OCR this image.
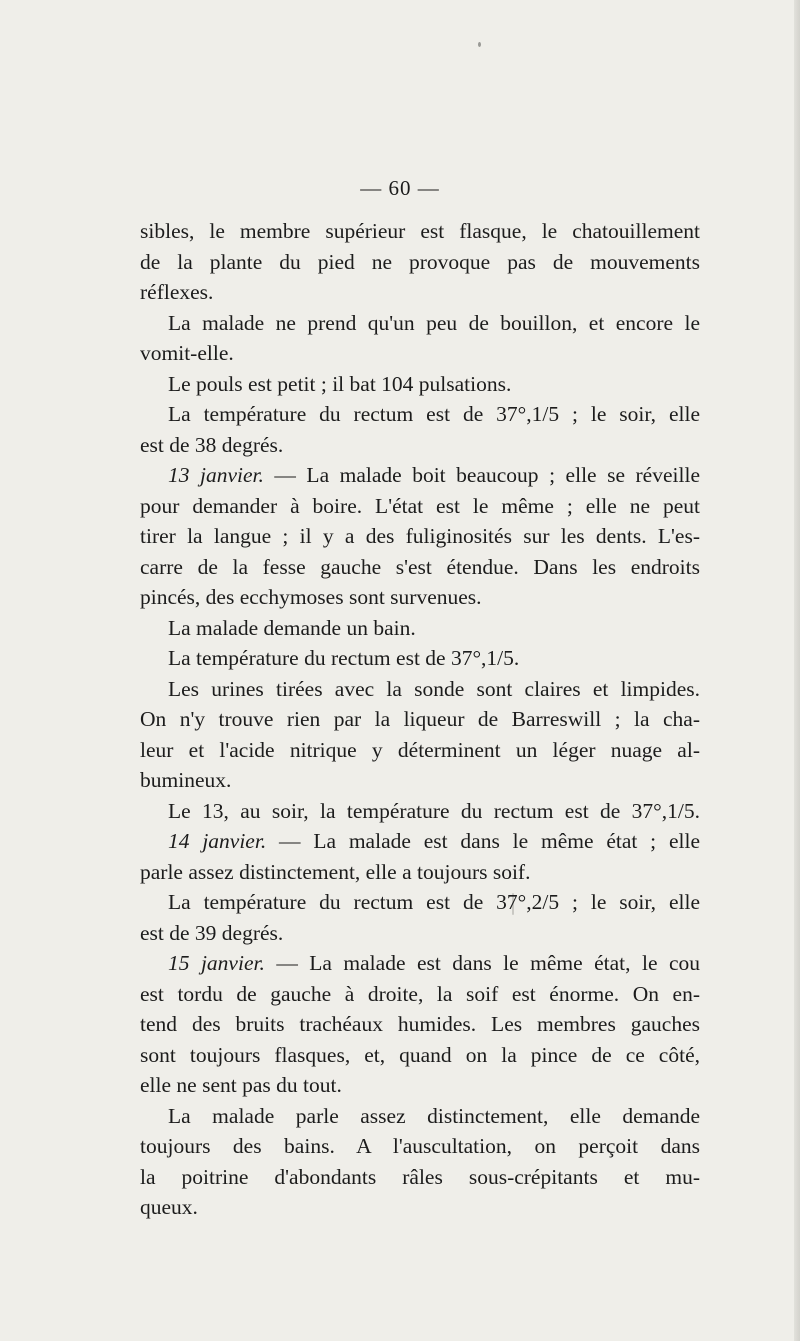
— 60 —
sibles, le membre supérieur est flasque, le chatouillement
de la plante du pied ne provoque pas de mouvements
réflexes.
La malade ne prend qu'un peu de bouillon, et encore le
vomit-elle.
Le pouls est petit ; il bat 104 pulsations.
La température du rectum est de 37°,1/5 ; le soir, elle
est de 38 degrés.
13 janvier. — La malade boit beaucoup ; elle se réveille
pour demander à boire. L'état est le même ; elle ne peut
tirer la langue ; il y a des fuliginosités sur les dents. L'es-
carre de la fesse gauche s'est étendue. Dans les endroits
pincés, des ecchymoses sont survenues.
La malade demande un bain.
La température du rectum est de 37°,1/5.
Les urines tirées avec la sonde sont claires et limpides.
On n'y trouve rien par la liqueur de Barreswill ; la cha-
leur et l'acide nitrique y déterminent un léger nuage al-
bumineux.
Le 13, au soir, la température du rectum est de 37°,1/5.
14 janvier. — La malade est dans le même état ; elle
parle assez distinctement, elle a toujours soif.
La température du rectum est de 37°,2/5 ; le soir, elle
est de 39 degrés.
15 janvier. — La malade est dans le même état, le cou
est tordu de gauche à droite, la soif est énorme. On en-
tend des bruits trachéaux humides. Les membres gauches
sont toujours flasques, et, quand on la pince de ce côté,
elle ne sent pas du tout.
La malade parle assez distinctement, elle demande
toujours des bains. A l'auscultation, on perçoit dans
la poitrine d'abondants râles sous-crépitants et mu-
queux.
